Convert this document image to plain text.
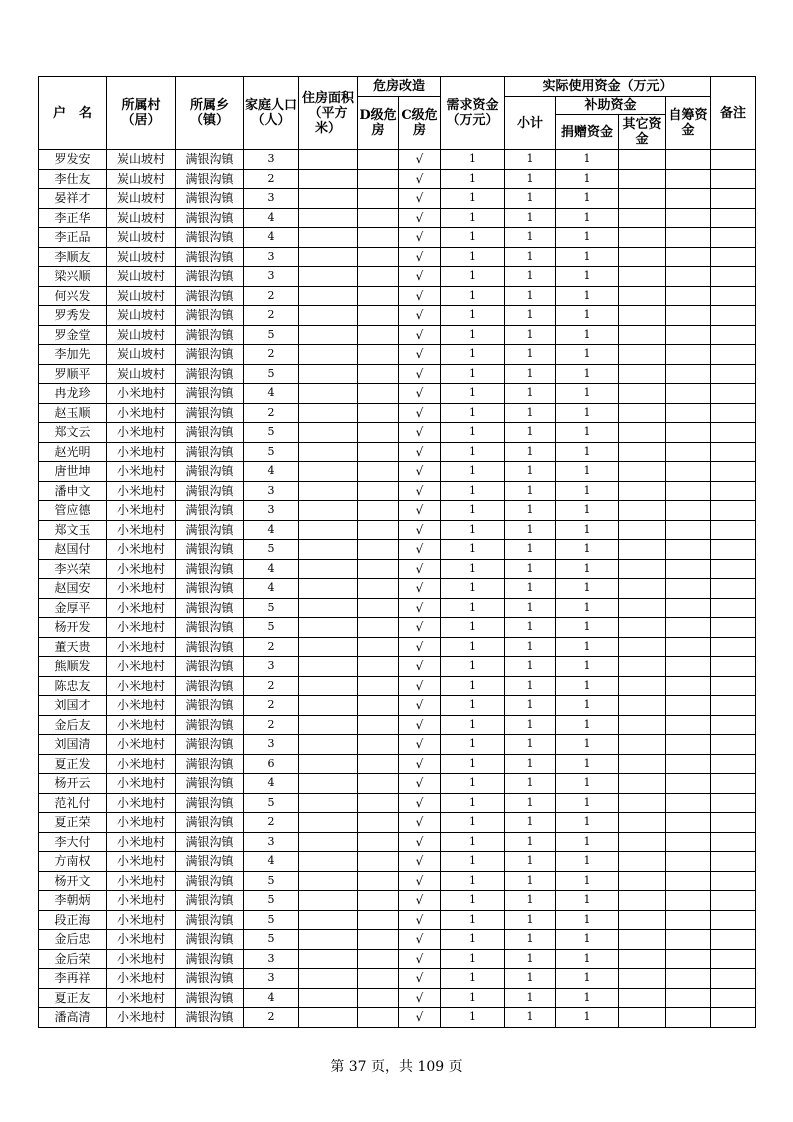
户　名	所属村（居）	所属乡（镇）	家庭人口（人）	住房面积（平方米）	危房改造		需求资金（万元）	实际使用资金（万元）				备注
					D级危房	C级危房		小计	补助资金		自筹资金	
									捐赠资金	其它资金		
罗发安	炭山坡村	满银沟镇	3			√	1	1	1			
李仕友	炭山坡村	满银沟镇	2			√	1	1	1			
晏祥才	炭山坡村	满银沟镇	3			√	1	1	1			
李正华	炭山坡村	满银沟镇	4			√	1	1	1			
李正品	炭山坡村	满银沟镇	4			√	1	1	1			
李顺友	炭山坡村	满银沟镇	3			√	1	1	1			
梁兴顺	炭山坡村	满银沟镇	3			√	1	1	1			
何兴发	炭山坡村	满银沟镇	2			√	1	1	1			
罗秀发	炭山坡村	满银沟镇	2			√	1	1	1			
罗金堂	炭山坡村	满银沟镇	5			√	1	1	1			
李加先	炭山坡村	满银沟镇	2			√	1	1	1			
罗顺平	炭山坡村	满银沟镇	5			√	1	1	1			
冉龙珍	小米地村	满银沟镇	4			√	1	1	1			
赵玉顺	小米地村	满银沟镇	2			√	1	1	1			
郑文云	小米地村	满银沟镇	5			√	1	1	1			
赵光明	小米地村	满银沟镇	5			√	1	1	1			
唐世坤	小米地村	满银沟镇	4			√	1	1	1			
潘申文	小米地村	满银沟镇	3			√	1	1	1			
管应德	小米地村	满银沟镇	3			√	1	1	1			
郑文玉	小米地村	满银沟镇	4			√	1	1	1			
赵国付	小米地村	满银沟镇	5			√	1	1	1			
李兴荣	小米地村	满银沟镇	4			√	1	1	1			
赵国安	小米地村	满银沟镇	4			√	1	1	1			
金厚平	小米地村	满银沟镇	5			√	1	1	1			
杨开发	小米地村	满银沟镇	5			√	1	1	1			
董天贵	小米地村	满银沟镇	2			√	1	1	1			
熊顺发	小米地村	满银沟镇	3			√	1	1	1			
陈忠友	小米地村	满银沟镇	2			√	1	1	1			
刘国才	小米地村	满银沟镇	2			√	1	1	1			
金后友	小米地村	满银沟镇	2			√	1	1	1			
刘国清	小米地村	满银沟镇	3			√	1	1	1			
夏正发	小米地村	满银沟镇	6			√	1	1	1			
杨开云	小米地村	满银沟镇	4			√	1	1	1			
范礼付	小米地村	满银沟镇	5			√	1	1	1			
夏正荣	小米地村	满银沟镇	2			√	1	1	1			
李大付	小米地村	满银沟镇	3			√	1	1	1			
方南权	小米地村	满银沟镇	4			√	1	1	1			
杨开文	小米地村	满银沟镇	5			√	1	1	1			
李朝炳	小米地村	满银沟镇	5			√	1	1	1			
段正海	小米地村	满银沟镇	5			√	1	1	1			
金后忠	小米地村	满银沟镇	5			√	1	1	1			
金后荣	小米地村	满银沟镇	3			√	1	1	1			
李再祥	小米地村	满银沟镇	3			√	1	1	1			
夏正友	小米地村	满银沟镇	4			√	1	1	1			
潘高清	小米地村	满银沟镇	2			√	1	1	1			
第 37 页，共 109 页
